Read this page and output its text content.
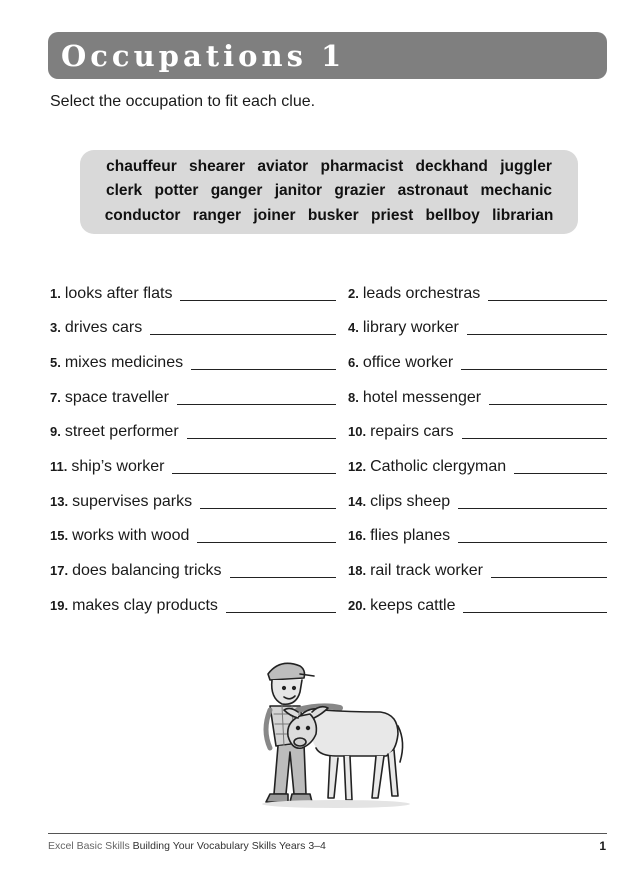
Occupations 1
Select the occupation to fit each clue.
chauffeur shearer aviator pharmacist deckhand juggler
clerk potter ganger janitor grazier astronaut mechanic
conductor ranger joiner busker priest bellboy librarian
1. looks after flats	2. leads orchestras
3. drives cars	4. library worker
5. mixes medicines	6. office worker
7. space traveller	8. hotel messenger
9. street performer	10. repairs cars
11. ship’s worker	12. Catholic clergyman
13. supervises parks	14. clips sheep
15. works with wood	16. flies planes
17. does balancing tricks	18. rail track worker
19. makes clay products	20. keeps cattle
Excel Basic Skills Building Your Vocabulary Skills Years 3–4	1
